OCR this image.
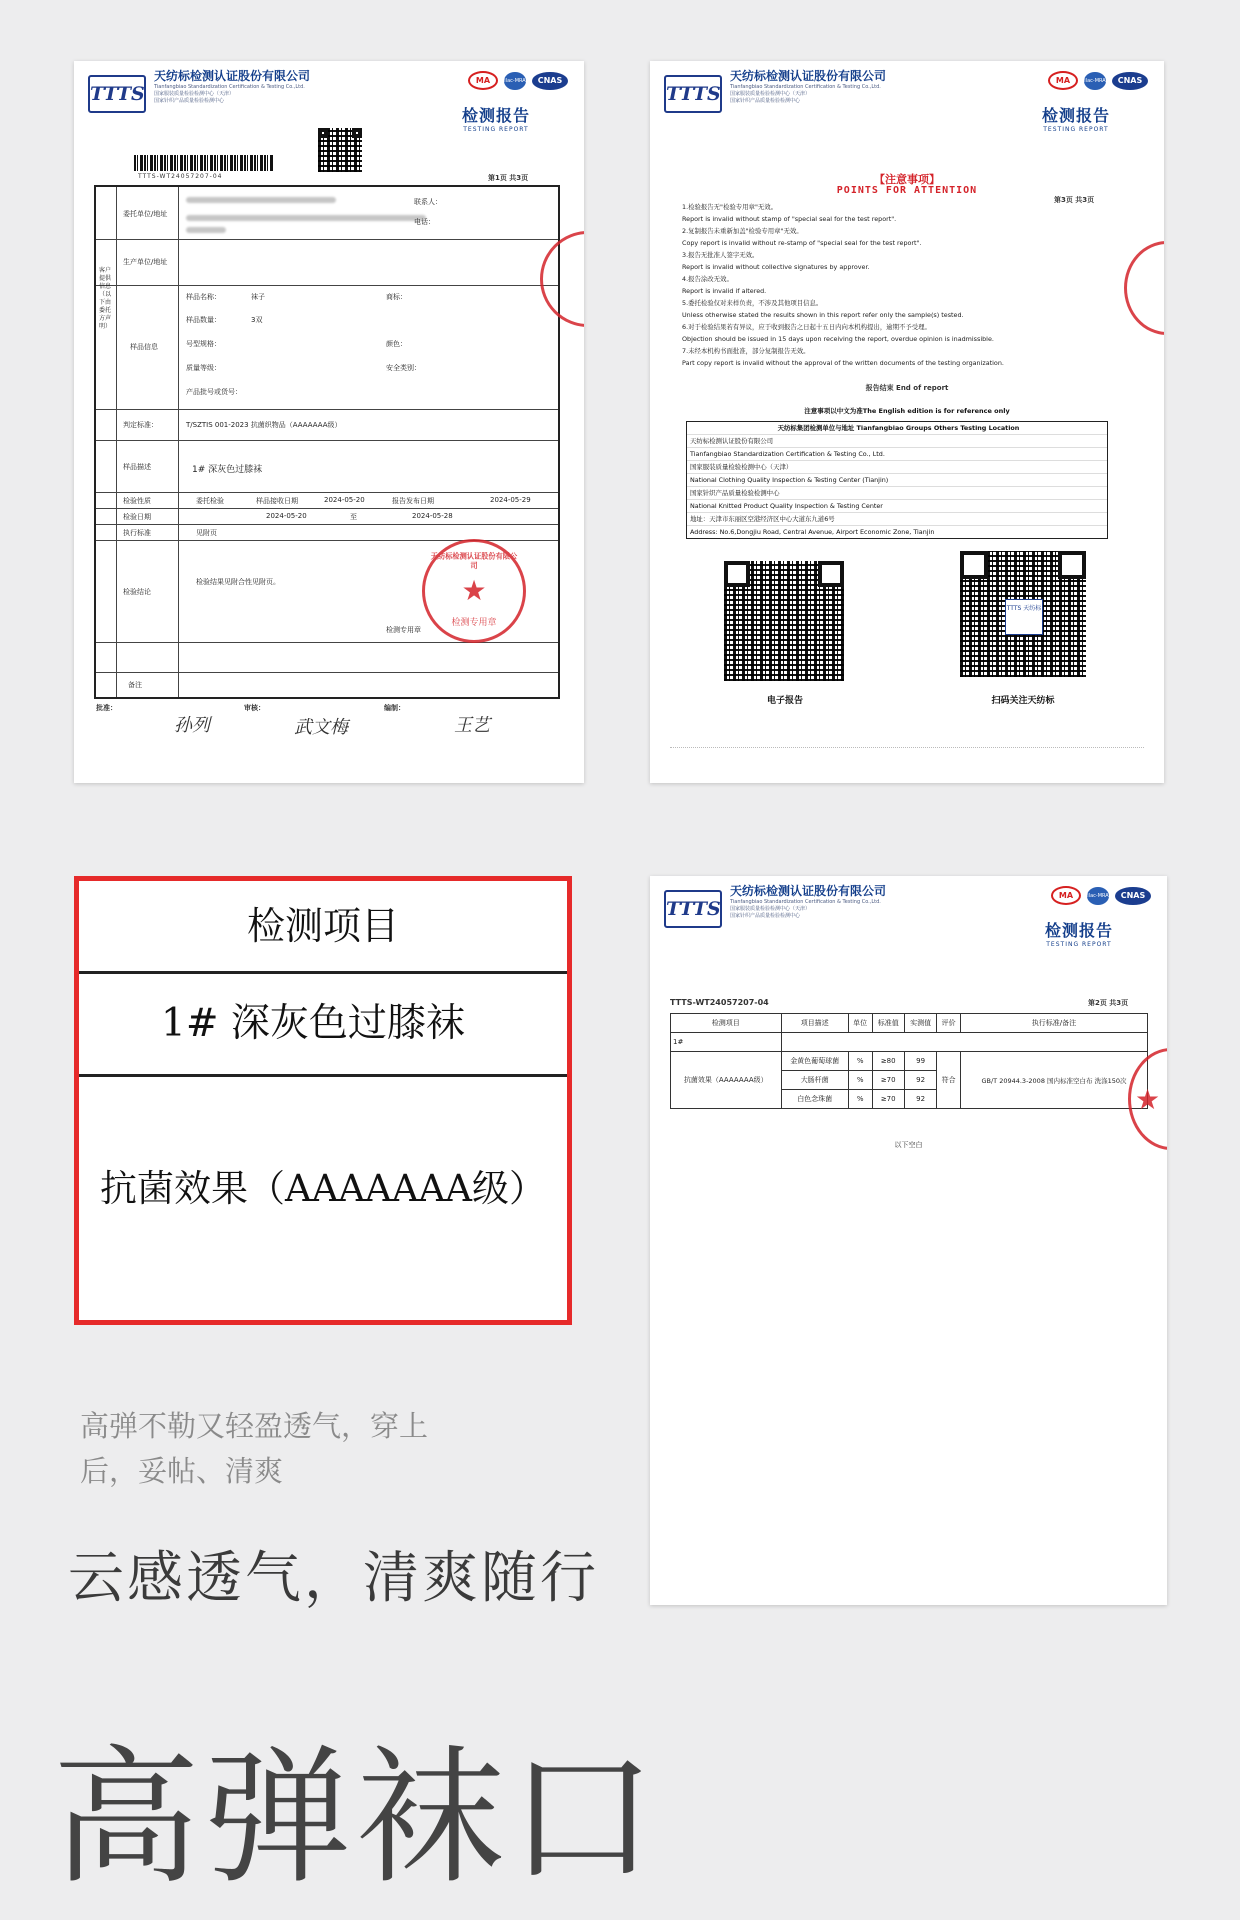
TTTS
天纺标检测认证股份有限公司
Tianfangbiao Standardization Certification & Testing Co.,Ltd.
国家服装质量检验检测中心（天津）
国家针织产品质量检验检测中心
MA	ilac-MRA	CNAS
检测报告
TESTING REPORT
TTTS-WT24057207-04	第1页 共3页
客户提供信息（以下由委托方声明）
委托单位/地址
联系人：
电话：
生产单位/地址
样品信息
样品名称：	袜子	商标：
样品数量：	3双
号型规格：	颜色：
质量等级：	安全类别：
产品批号或货号：
判定标准：	T/SZTIS 001-2023 抗菌织物品（AAAAAAA级）
样品描述	1# 深灰色过膝袜
检验性质	委托检验	样品接收日期	2024-05-20	报告发布日期	2024-05-29
检验日期	2024-05-20	至	2024-05-28
执行标准	见附页
检验结论
检验结果见附合性见附页。
检测专用章
备注
批准：
孙列
审核：
武文梅
编制：
王艺
天纺标检测认证股份有限公司
★
检测专用章
TTTS
天纺标检测认证股份有限公司
Tianfangbiao Standardization Certification & Testing Co.,Ltd.
国家服装质量检验检测中心（天津）
国家针织产品质量检验检测中心
MA	ilac-MRA	CNAS
检测报告
TESTING REPORT
【注意事项】
POINTS FOR ATTENTION
第3页 共3页
1.检验报告无"检验专用章"无效。
Report is invalid without stamp of "special seal for the test report".
2.复制报告未重新加盖"检验专用章"无效。
Copy report is invalid without re-stamp of "special seal for the test report".
3.报告无批准人签字无效。
Report is invalid without collective signatures by approver.
4.报告涂改无效。
Report is invalid if altered.
5.委托检验仅对来样负责，不涉及其他项目信息。
Unless otherwise stated the results shown in this report refer only the sample(s) tested.
6.对于检验结果若有异议，应于收到报告之日起十五日内向本机构提出，逾期不予受理。
Objection should be issued in 15 days upon receiving the report, overdue opinion is inadmissible.
7.未经本机构书面批准，部分复制报告无效。
Part copy report is invalid without the approval of the written documents of the testing organization.
报告结束 End of report
注意事项以中文为准The English edition is for reference only
天纺标集团检测单位与地址 Tianfangbiao Groups Others Testing Location
天纺标检测认证股份有限公司
Tianfangbiao Standardization Certification & Testing Co., Ltd.
国家服装质量检验检测中心（天津）
National Clothing Quality Inspection & Testing Center (Tianjin)
国家针织产品质量检验检测中心
National Knitted Product Quality Inspection & Testing Center
地址：天津市东丽区空港经济区中心大道东九道6号
Address: No.6,Dongjiu Road, Central Avenue, Airport Economic Zone, Tianjin
电子报告
TTTS 天纺标
扫码关注天纺标
检测项目
1# 深灰色过膝袜
抗菌效果（AAAAAAA级）
TTTS
天纺标检测认证股份有限公司
Tianfangbiao Standardization Certification & Testing Co.,Ltd.
国家服装质量检验检测中心（天津）
国家针织产品质量检验检测中心
MA	ilac-MRA	CNAS
检测报告
TESTING REPORT
TTTS-WT24057207-04	第2页 共3页
检测项目	项目描述	单位	标准值	实测值	评价	执行标准/备注
1#						
抗菌效果（AAAAAAA级）	金黄色葡萄球菌	%	≥80	99	符合	GB/T 20944.3-2008 国内标准空白布 洗涤150次
	大肠杆菌	%	≥70	92		
	白色念珠菌	%	≥70	92		
以下空白
★
高弹不勒又轻盈透气，穿上后，妥帖、清爽
云感透气，清爽随行
高弹袜口
